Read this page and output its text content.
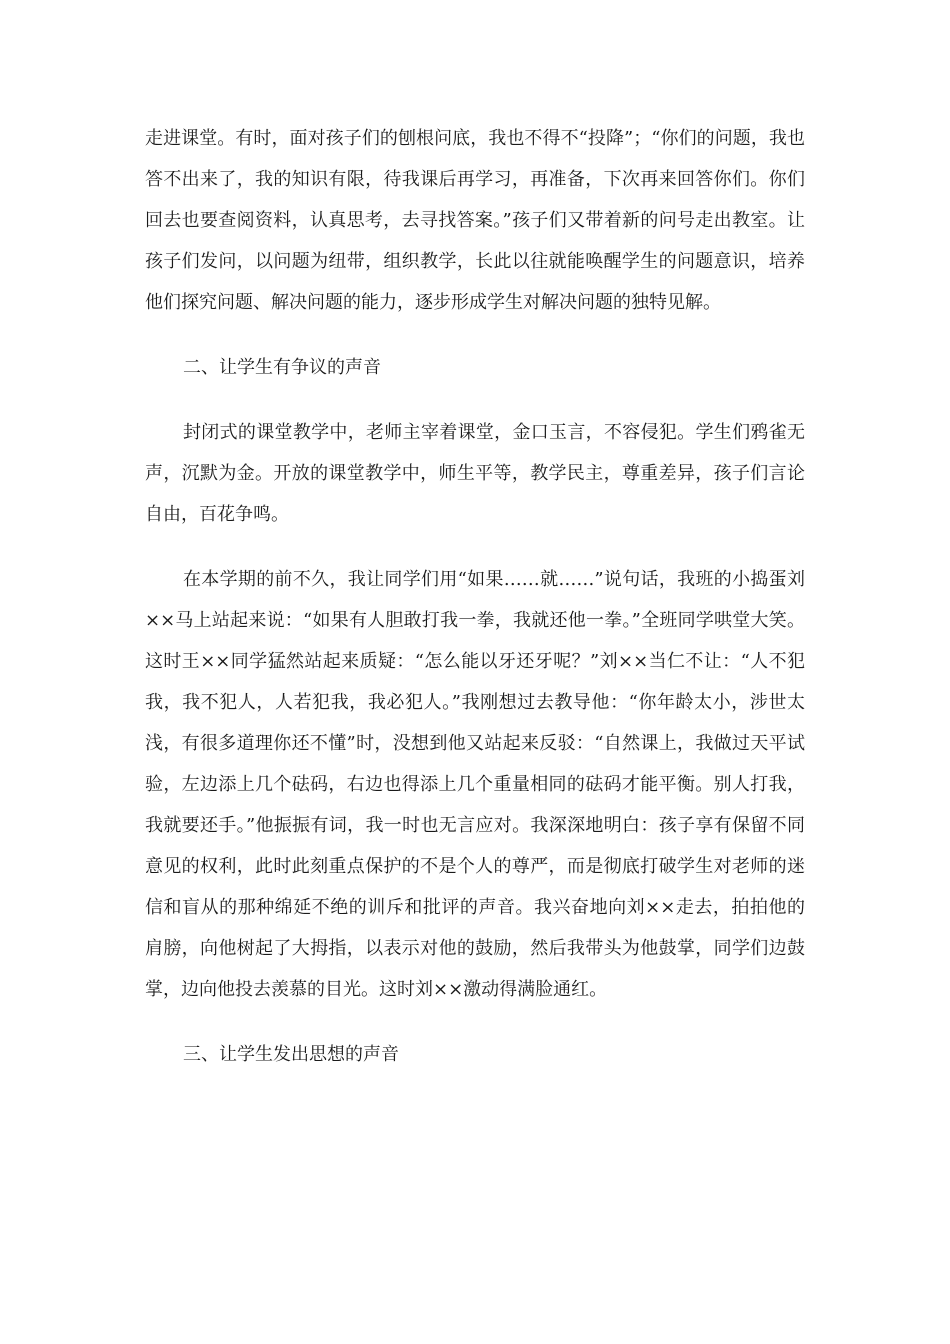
走进课堂。有时，面对孩子们的刨根问底，我也不得不“投降”；“你们的问题，我也答不出来了，我的知识有限，待我课后再学习，再准备，下次再来回答你们。你们回去也要查阅资料，认真思考，去寻找答案。”孩子们又带着新的问号走出教室。让孩子们发问，以问题为纽带，组织教学，长此以往就能唤醒学生的问题意识，培养他们探究问题、解决问题的能力，逐步形成学生对解决问题的独特见解。

二、让学生有争议的声音

封闭式的课堂教学中，老师主宰着课堂，金口玉言，不容侵犯。学生们鸦雀无声，沉默为金。开放的课堂教学中，师生平等，教学民主，尊重差异，孩子们言论自由，百花争鸣。

在本学期的前不久，我让同学们用“如果……就……”说句话，我班的小捣蛋刘××马上站起来说：“如果有人胆敢打我一拳，我就还他一拳。”全班同学哄堂大笑。这时王××同学猛然站起来质疑：“怎么能以牙还牙呢？”刘××当仁不让：“人不犯我，我不犯人，人若犯我，我必犯人。”我刚想过去教导他：“你年龄太小，涉世太浅，有很多道理你还不懂”时，没想到他又站起来反驳：“自然课上，我做过天平试验，左边添上几个砝码，右边也得添上几个重量相同的砝码才能平衡。别人打我，我就要还手。”他振振有词，我一时也无言应对。我深深地明白：孩子享有保留不同意见的权利，此时此刻重点保护的不是个人的尊严，而是彻底打破学生对老师的迷信和盲从的那种绵延不绝的训斥和批评的声音。我兴奋地向刘××走去，拍拍他的肩膀，向他树起了大拇指，以表示对他的鼓励，然后我带头为他鼓掌，同学们边鼓掌，边向他投去羡慕的目光。这时刘××激动得满脸通红。

三、让学生发出思想的声音
